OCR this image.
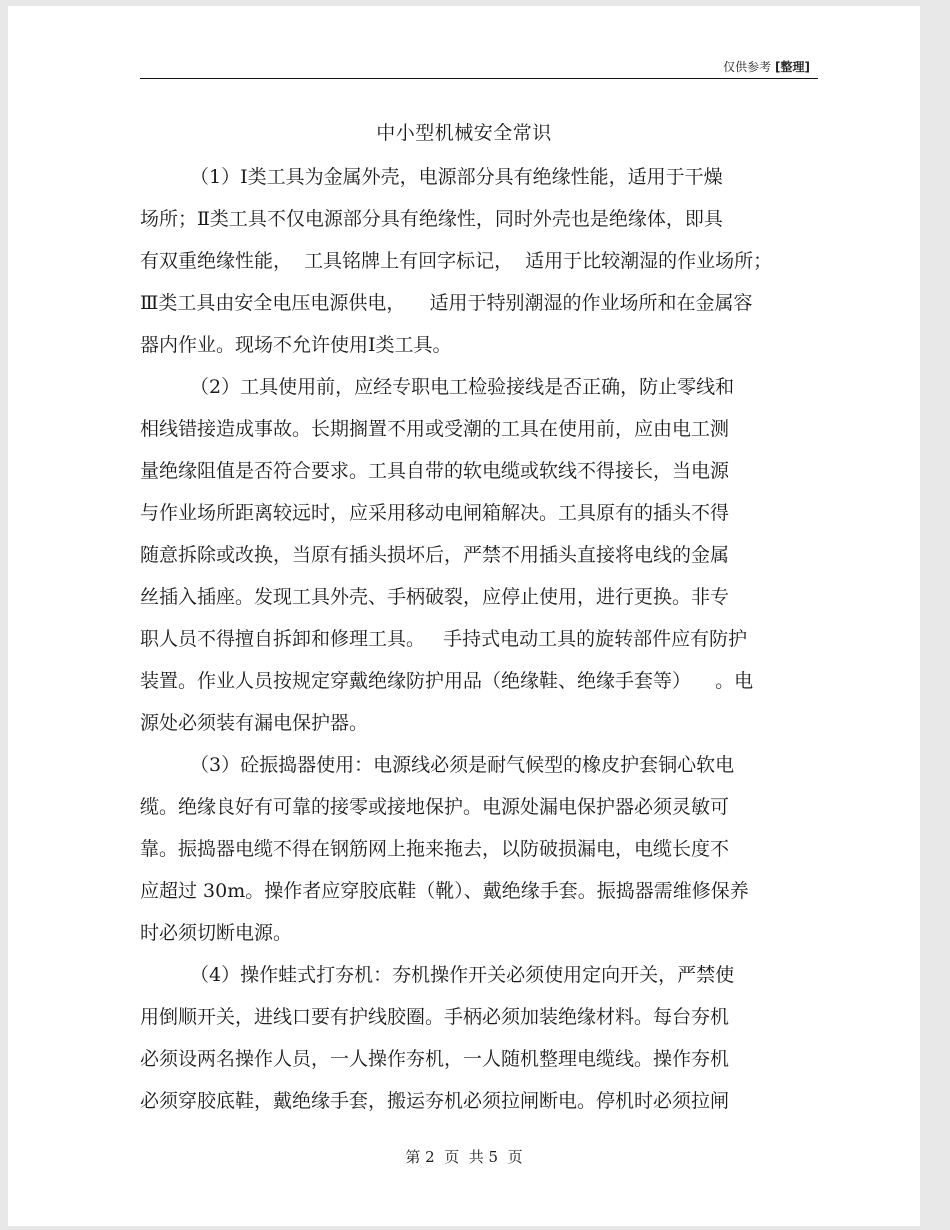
仅供参考 [整理]
中小型机械安全常识
（1）Ⅰ类工具为金属外壳，电源部分具有绝缘性能，适用于干燥
场所；Ⅱ类工具不仅电源部分具有绝缘性，同时外壳也是绝缘体，即具
有双重绝缘性能，  工具铭牌上有回字标记，  适用于比较潮湿的作业场所；
Ⅲ类工具由安全电压电源供电，    适用于特别潮湿的作业场所和在金属容
器内作业。现场不允许使用Ⅰ类工具。
（2）工具使用前，应经专职电工检验接线是否正确，防止零线和
相线错接造成事故。长期搁置不用或受潮的工具在使用前，应由电工测
量绝缘阻值是否符合要求。工具自带的软电缆或软线不得接长，当电源
与作业场所距离较远时，应采用移动电闸箱解决。工具原有的插头不得
随意拆除或改换，当原有插头损坏后，严禁不用插头直接将电线的金属
丝插入插座。发现工具外壳、手柄破裂，应停止使用，进行更换。非专
职人员不得擅自拆卸和修理工具。   手持式电动工具的旋转部件应有防护
装置。作业人员按规定穿戴绝缘防护用品（绝缘鞋、绝缘手套等）    。电
源处必须装有漏电保护器。
（3）砼振捣器使用：电源线必须是耐气候型的橡皮护套铜心软电
缆。绝缘良好有可靠的接零或接地保护。电源处漏电保护器必须灵敏可
靠。振捣器电缆不得在钢筋网上拖来拖去，以防破损漏电，电缆长度不
应超过 30m。操作者应穿胶底鞋（靴）、戴绝缘手套。振捣器需维修保养
时必须切断电源。
（4）操作蛙式打夯机：夯机操作开关必须使用定向开关，严禁使
用倒顺开关，进线口要有护线胶圈。手柄必须加装绝缘材料。每台夯机
必须设两名操作人员，一人操作夯机，一人随机整理电缆线。操作夯机
必须穿胶底鞋，戴绝缘手套，搬运夯机必须拉闸断电。停机时必须拉闸
第 2  页  共 5  页
